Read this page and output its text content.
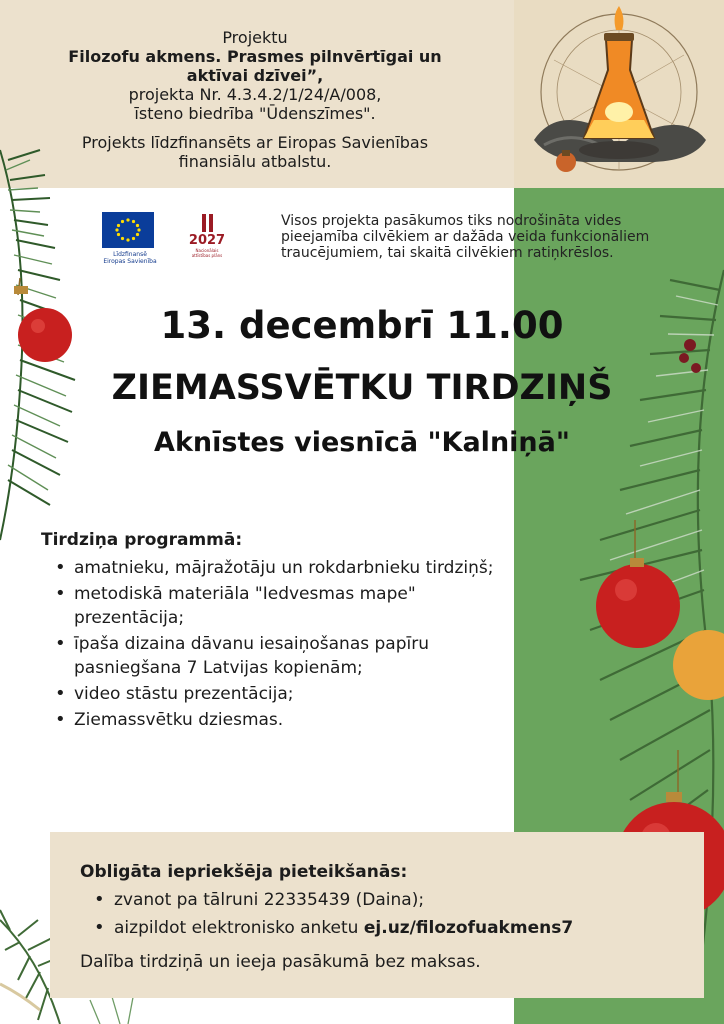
Projektu
Filozofu akmens. Prasmes pilnvērtīgai un
aktīvai dzīvei”,
projekta Nr. 4.3.4.2/1/24/A/008,
īsteno biedrība "Ūdenszīmes".
Projekts līdzfinansēts ar Eiropas Savienības
finansiālu atbalstu.
Līdzfinansē
Eiropas Savienība
2027
Nacionālais
attīstības plāns
Visos projekta pasākumos tiks nodrošināta vides pieejamība cilvēkiem ar dažāda veida funkcionāliem traucējumiem, tai skaitā cilvēkiem ratiņkrēslos.
13. decembrī 11.00
ZIEMASSVĒTKU TIRDZIŅŠ
Aknīstes viesnīcā "Kalniņā"
Tirdziņa programmā:
• amatnieku, mājražotāju un rokdarbnieku tirdziņš;
• metodiskā materiāla "Iedvesmas mape" prezentācija;
• īpaša dizaina dāvanu iesaiņošanas papīru pasniegšana 7 Latvijas kopienām;
• video stāstu prezentācija;
• Ziemassvētku dziesmas.
Obligāta iepriekšēja pieteikšanās:
• zvanot pa tālruni 22335439 (Daina);
• aizpildot elektronisko anketu ej.uz/filozofuakmens7

Dalība tirdziņā un ieeja pasākumā bez maksas.
